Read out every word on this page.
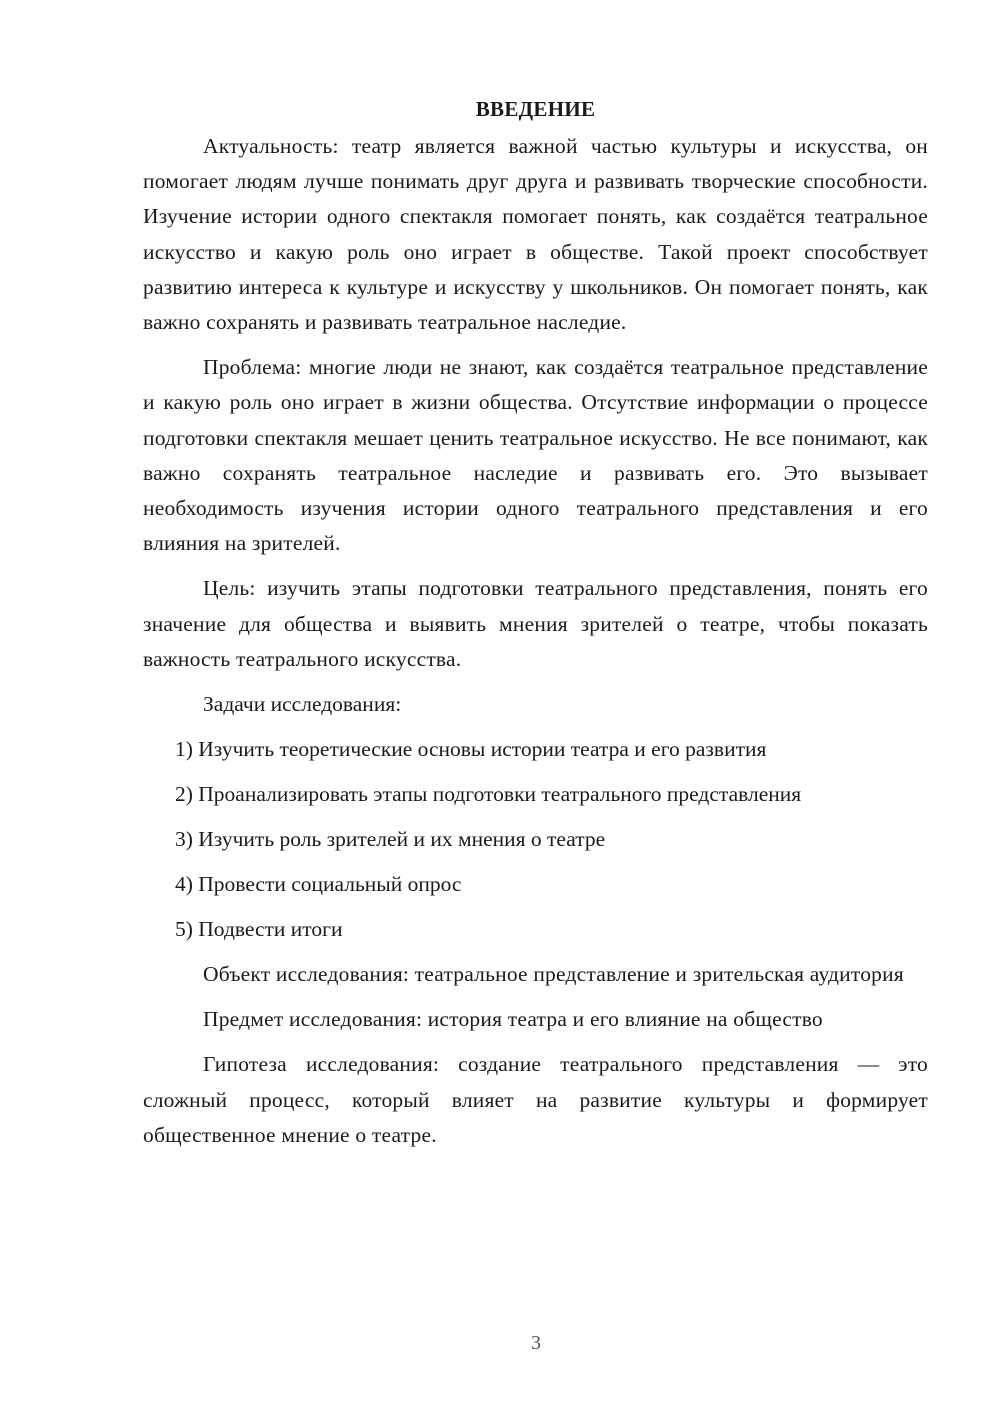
ВВЕДЕНИЕ

Актуальность: театр является важной частью культуры и искусства, он помогает людям лучше понимать друг друга и развивать творческие способности. Изучение истории одного спектакля помогает понять, как создаётся театральное искусство и какую роль оно играет в обществе. Такой проект способствует развитию интереса к культуре и искусству у школьников. Он помогает понять, как важно сохранять и развивать театральное наследие.

Проблема: многие люди не знают, как создаётся театральное представление и какую роль оно играет в жизни общества. Отсутствие информации о процессе подготовки спектакля мешает ценить театральное искусство. Не все понимают, как важно сохранять театральное наследие и развивать его. Это вызывает необходимость изучения истории одного театрального представления и его влияния на зрителей.

Цель: изучить этапы подготовки театрального представления, понять его значение для общества и выявить мнения зрителей о театре, чтобы показать важность театрального искусства.

Задачи исследования:

1) Изучить теоретические основы истории театра и его развития
2) Проанализировать этапы подготовки театрального представления
3) Изучить роль зрителей и их мнения о театре
4) Провести социальный опрос
5) Подвести итоги

Объект исследования: театральное представление и зрительская аудитория

Предмет исследования: история театра и его влияние на общество

Гипотеза исследования: создание театрального представления — это сложный процесс, который влияет на развитие культуры и формирует общественное мнение о театре.

3
